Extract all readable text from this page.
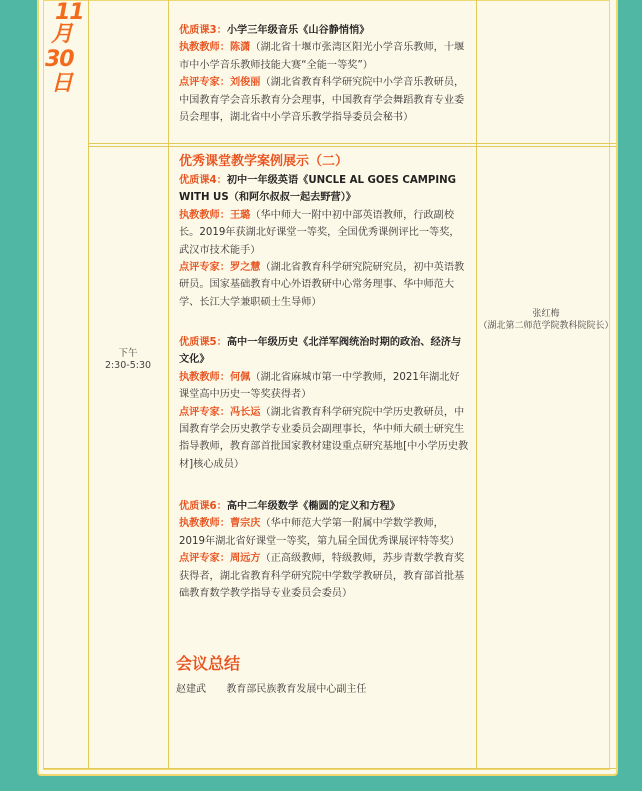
11
月
30
日

优质课3：小学三年级音乐《山谷静悄悄》

执教教师：陈潇（湖北省十堰市张湾区阳光小学音乐教师，十堰市中小学音乐教师技能大赛“全能一等奖”）

点评专家：刘俊丽（湖北省教育科学研究院中小学音乐教研员，中国教育学会音乐教育分会理事，中国教育学会舞蹈教育专业委员会理事，湖北省中小学音乐教学指导委员会秘书）

下午
2:30-5:30
张红梅
（湖北第二师范学院教科院院长）

优秀课堂教学案例展示（二）

优质课4：初中一年级英语《UNCLE AL GOES CAMPING WITH US（和阿尔叔叔一起去野营）》

执教教师：王璐（华中师大一附中初中部英语教师，行政副校长。2019年获湖北好课堂一等奖，全国优秀课例评比一等奖，武汉市技术能手）

点评专家：罗之慧（湖北省教育科学研究院研究员，初中英语教研员。国家基础教育中心外语教研中心常务理事、华中师范大学、长江大学兼职硕士生导师）

优质课5：高中一年级历史《北洋军阀统治时期的政治、经济与文化》

执教教师：何佩（湖北省麻城市第一中学教师，2021年湖北好课堂高中历史一等奖获得者）

点评专家：冯长运（湖北省教育科学研究院中学历史教研员，中国教育学会历史教学专业委员会副理事长，华中师大硕士研究生指导教师，教育部首批国家教材建设重点研究基地[中小学历史教材]核心成员）

优质课6：高中二年级数学《椭圆的定义和方程》

执教教师：曹宗庆（华中师范大学第一附属中学数学教师，2019年湖北省好课堂一等奖，第九届全国优秀课展评特等奖）

点评专家：周远方（正高级教师，特级教师，苏步青数学教育奖获得者，湖北省教育科学研究院中学数学教研员，教育部首批基础教育数学教学指导专业委员会委员）

会议总结
赵建武 教育部民族教育发展中心副主任
